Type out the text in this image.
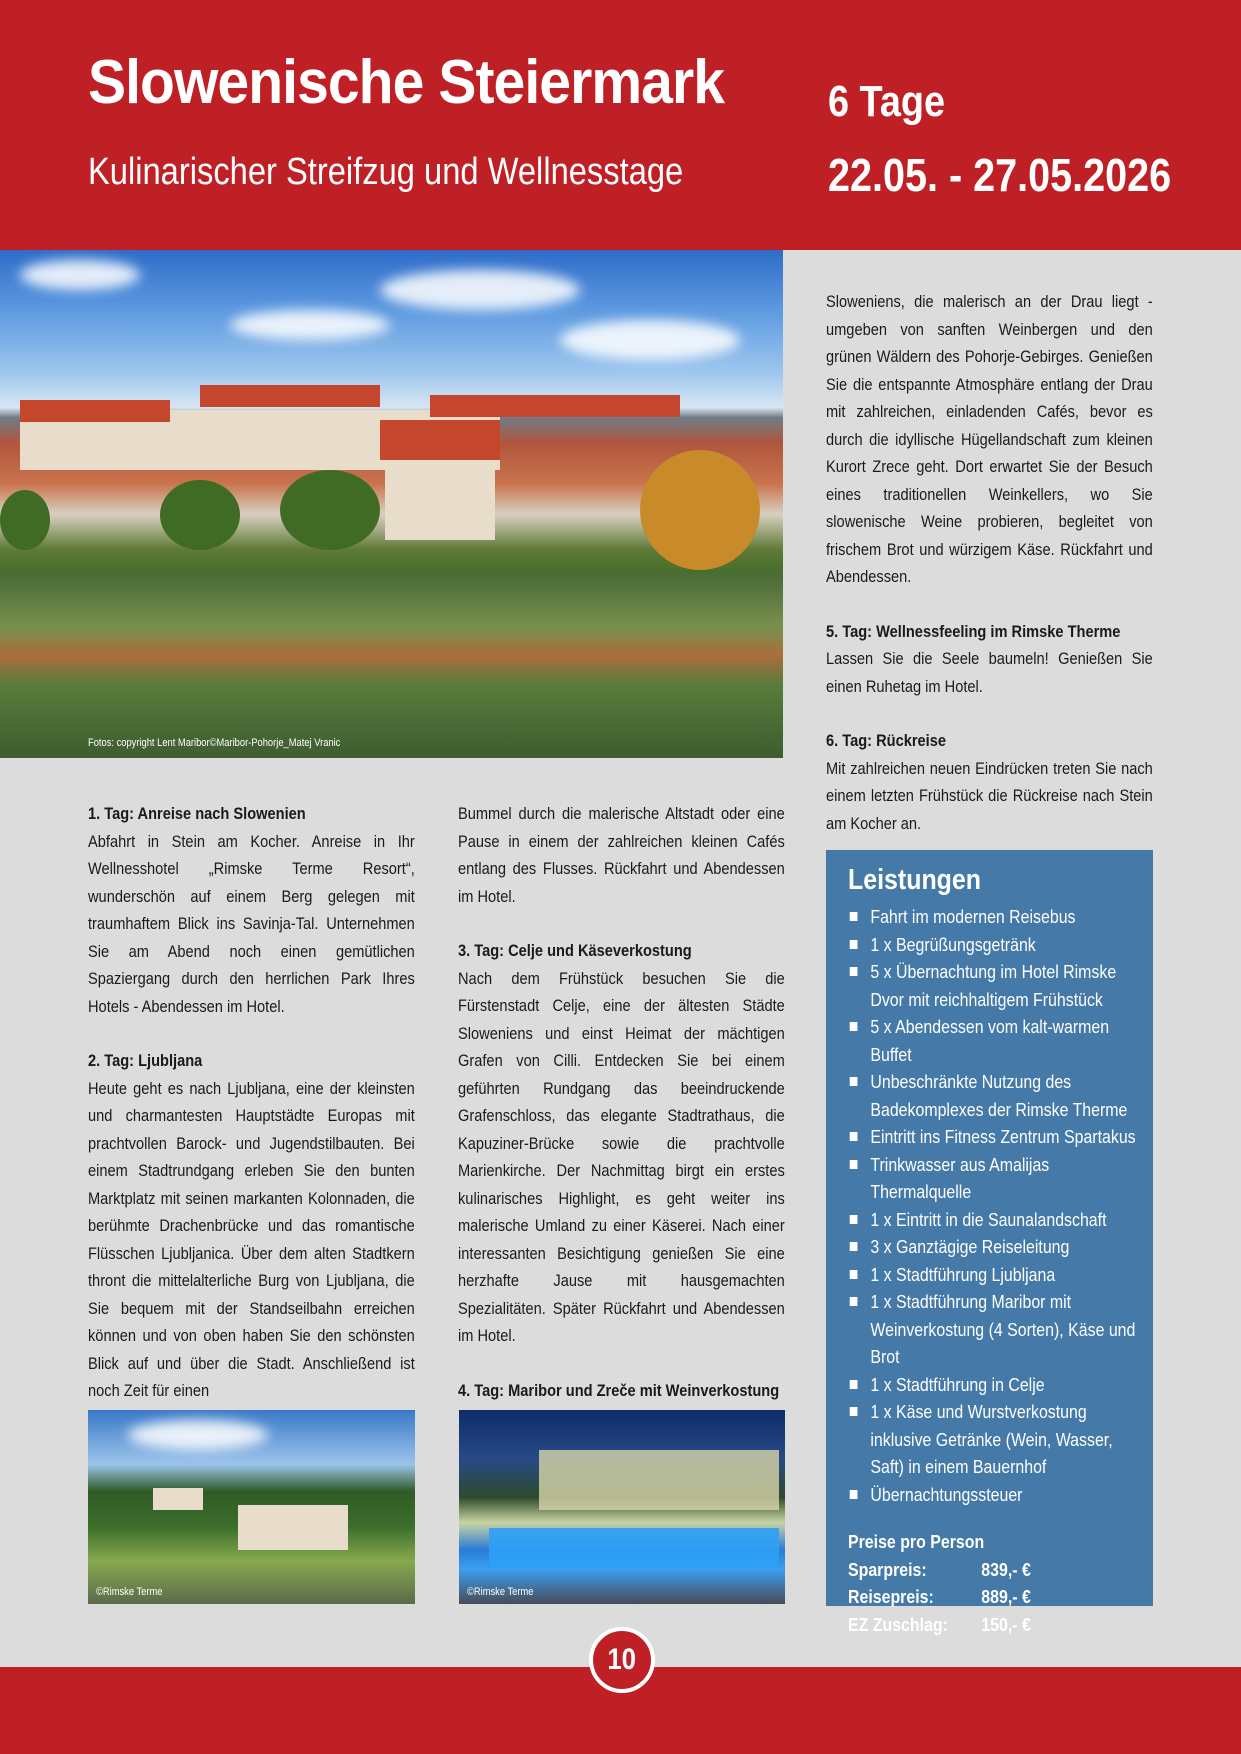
Slowenische Steiermark
Kulinarischer Streifzug und Wellnesstage
6 Tage
22.05. - 27.05.2026
Fotos: copyright Lent Maribor©Maribor-Pohorje_Matej Vranic

1. Tag: Anreise nach Slowenien

Abfahrt in Stein am Kocher. Anreise in Ihr Wellnesshotel „Rimske Terme Resort“, wunderschön auf einem Berg gelegen mit traumhaftem Blick ins Savinja-Tal. Unternehmen Sie am Abend noch einen gemütlichen Spaziergang durch den herrlichen Park Ihres Hotels - Abendessen im Hotel.

2. Tag: Ljubljana

Heute geht es nach Ljubljana, eine der kleinsten und charmantesten Hauptstädte Europas mit prachtvollen Barock- und Jugendstilbauten. Bei einem Stadtrundgang erleben Sie den bunten Marktplatz mit seinen markanten Kolonnaden, die berühmte Drachenbrücke und das romantische Flüsschen Ljubljanica. Über dem alten Stadtkern thront die mittelalterliche Burg von Ljubljana, die Sie bequem mit der Standseilbahn erreichen können und von oben haben Sie den schönsten Blick auf und über die Stadt. Anschließend ist noch Zeit für einen

Bummel durch die malerische Altstadt oder eine Pause in einem der zahlreichen kleinen Cafés entlang des Flusses. Rückfahrt und Abendessen im Hotel.

3. Tag: Celje und Käseverkostung

Nach dem Frühstück besuchen Sie die Fürstenstadt Celje, eine der ältesten Städte Sloweniens und einst Heimat der mächtigen Grafen von Cilli. Entdecken Sie bei einem geführten Rundgang das beeindruckende Grafenschloss, das elegante Stadtrathaus, die Kapuziner-Brücke sowie die prachtvolle Marienkirche. Der Nachmittag birgt ein erstes kulinarisches Highlight, es geht weiter ins malerische Umland zu einer Käserei. Nach einer interessanten Besichtigung genießen Sie eine herzhafte Jause mit hausgemachten Spezialitäten. Später Rückfahrt und Abendessen im Hotel.

4. Tag: Maribor und Zreče mit Weinverkostung

Sloweniens, die malerisch an der Drau liegt - umgeben von sanften Weinbergen und den grünen Wäldern des Pohorje-Gebirges. Genießen Sie die entspannte Atmosphäre entlang der Drau mit zahlreichen, einladenden Cafés, bevor es durch die idyllische Hügellandschaft zum kleinen Kurort Zrece geht. Dort erwartet Sie der Besuch eines traditionellen Weinkellers, wo Sie slowenische Weine probieren, begleitet von frischem Brot und würzigem Käse. Rückfahrt und Abendessen.

5. Tag: Wellnessfeeling im Rimske Therme

Lassen Sie die Seele baumeln! Genießen Sie einen Ruhetag im Hotel.

6. Tag: Rückreise

Mit zahlreichen neuen Eindrücken treten Sie nach einem letzten Frühstück die Rückreise nach Stein am Kocher an.

Leistungen
Fahrt im modernen Reisebus
1 x Begrüßungsgetränk
5 x Übernachtung im Hotel Rimske Dvor mit reichhaltigem Frühstück
5 x Abendessen vom kalt-warmen Buffet
Unbeschränkte Nutzung des Badekomplexes der Rimske Therme
Eintritt ins Fitness Zentrum Spartakus
Trinkwasser aus Amalijas Thermalquelle
1 x Eintritt in die Saunalandschaft
3 x Ganztägige Reiseleitung
1 x Stadtführung Ljubljana
1 x Stadtführung Maribor mit Weinverkostung (4 Sorten), Käse und Brot
1 x Stadtführung in Celje
1 x Käse und Wurstverkostung inklusive Getränke (Wein, Wasser, Saft) in einem Bauernhof
Übernachtungssteuer
Preise pro Person
Sparpreis:	839,- €
Reisepreis:	889,- €
EZ Zuschlag:	150,- €
©Rimske Terme	©Rimske Terme
10
